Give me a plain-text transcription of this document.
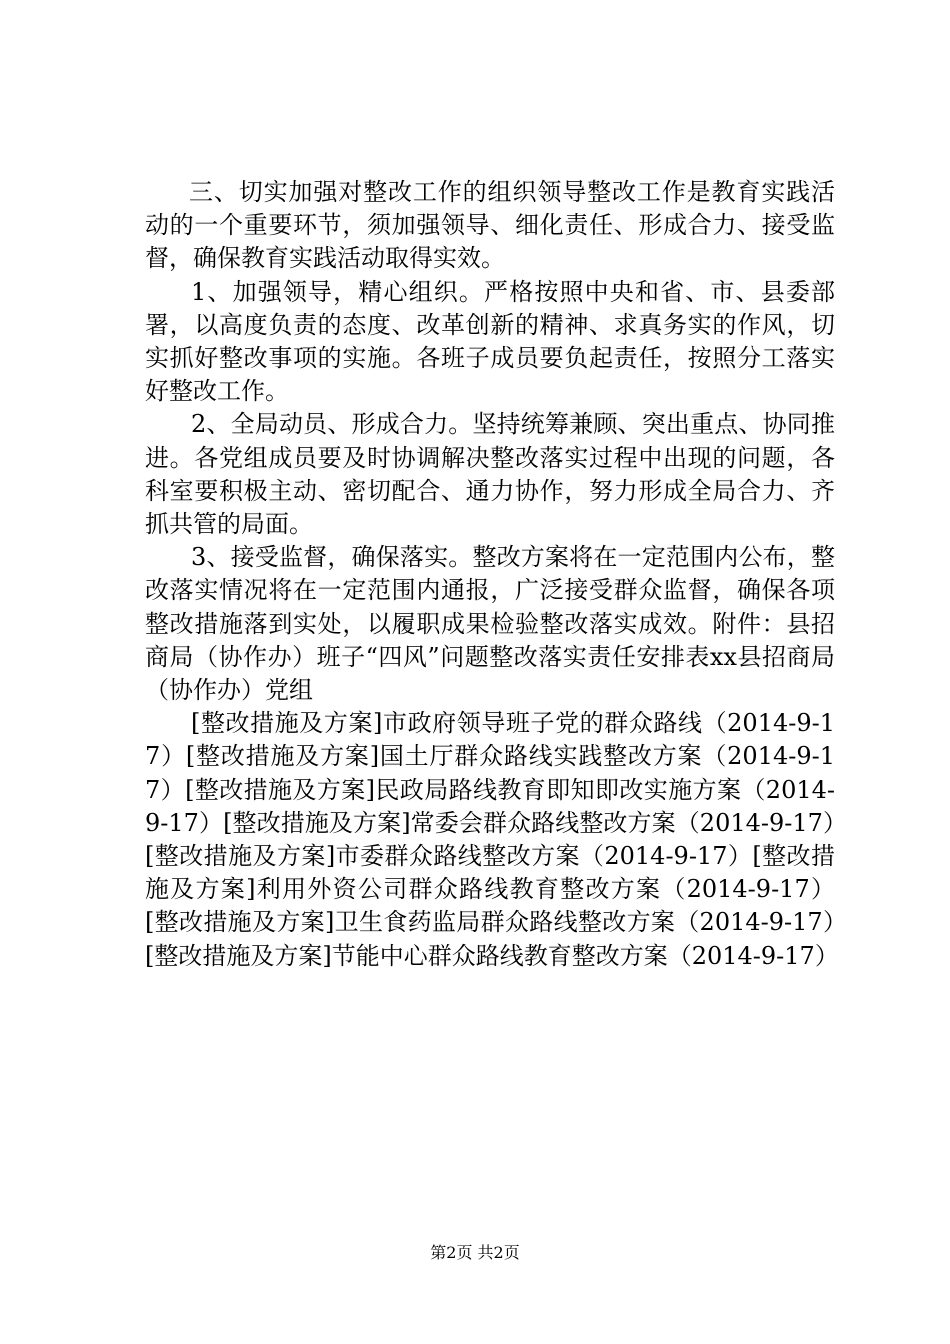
三、切实加强对整改工作的组织领导整改工作是教育实践活动的一个重要环节，须加强领导、细化责任、形成合力、接受监督，确保教育实践活动取得实效。

1、加强领导，精心组织。严格按照中央和省、市、县委部署，以高度负责的态度、改革创新的精神、求真务实的作风，切实抓好整改事项的实施。各班子成员要负起责任，按照分工落实好整改工作。

2、全局动员、形成合力。坚持统筹兼顾、突出重点、协同推进。各党组成员要及时协调解决整改落实过程中出现的问题，各科室要积极主动、密切配合、通力协作，努力形成全局合力、齐抓共管的局面。

3、接受监督，确保落实。整改方案将在一定范围内公布，整改落实情况将在一定范围内通报，广泛接受群众监督，确保各项整改措施落到实处，以履职成果检验整改落实成效。附件：县招商局（协作办）班子“四风”问题整改落实责任安排表xx县招商局（协作办）党组

[整改措施及方案]市政府领导班子党的群众路线（2014-9-17）[整改措施及方案]国土厅群众路线实践整改方案（2014-9-17）[整改措施及方案]民政局路线教育即知即改实施方案（2014-9-17）[整改措施及方案]常委会群众路线整改方案（2014-9-17）[整改措施及方案]市委群众路线整改方案（2014-9-17）[整改措施及方案]利用外资公司群众路线教育整改方案（2014-9-17）[整改措施及方案]卫生食药监局群众路线整改方案（2014-9-17）[整改措施及方案]节能中心群众路线教育整改方案（2014-9-17）

第2页 共2页
